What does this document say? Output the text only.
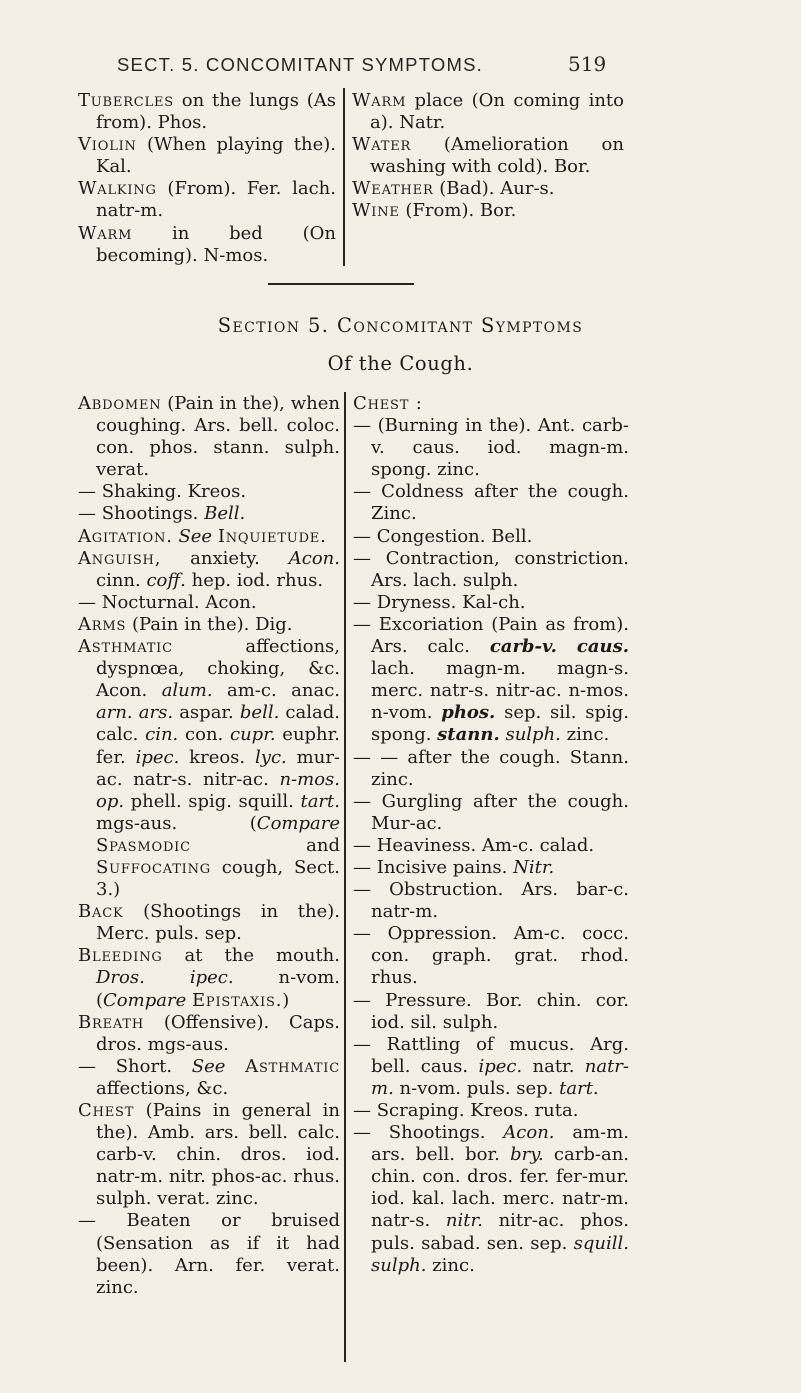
SECT. 5. CONCOMITANT SYMPTOMS.	519

Tubercles on the lungs (As from). Phos.

Violin (When playing the). Kal.

Walking (From). Fer. lach. natr-m.

Warm in bed (On becoming). N-mos.

Warm place (On coming into a). Natr.

Water (Amelioration on washing with cold). Bor.

Weather (Bad). Aur-s.

Wine (From). Bor.

Section 5. Concomitant Symptoms
Of the Cough.

Abdomen (Pain in the), when coughing. Ars. bell. coloc. con. phos. stann. sulph. verat.

— Shaking. Kreos.

— Shootings. Bell.

Agitation. See Inquietude.

Anguish, anxiety. Acon. cinn. coff. hep. iod. rhus.

— Nocturnal. Acon.

Arms (Pain in the). Dig.

Asthmatic affections, dyspnœa, choking, &c. Acon. alum. am-c. anac. arn. ars. aspar. bell. calad. calc. cin. con. cupr. euphr. fer. ipec. kreos. lyc. mur-ac. natr-s. nitr-ac. n-mos. op. phell. spig. squill. tart. mgs-aus. (Compare Spasmodic and Suffocating cough, Sect. 3.)

Back (Shootings in the). Merc. puls. sep.

Bleeding at the mouth. Dros. ipec. n-vom. (Compare Epistaxis.)

Breath (Offensive). Caps. dros. mgs-aus.

— Short. See Asthmatic affections, &c.

Chest (Pains in general in the). Amb. ars. bell. calc. carb-v. chin. dros. iod. natr-m. nitr. phos-ac. rhus. sulph. verat. zinc.

— Beaten or bruised (Sensation as if it had been). Arn. fer. verat. zinc.

Chest :

— (Burning in the). Ant. carb-v. caus. iod. magn-m. spong. zinc.

— Coldness after the cough. Zinc.

— Congestion. Bell.

— Contraction, constriction. Ars. lach. sulph.

— Dryness. Kal-ch.

— Excoriation (Pain as from). Ars. calc. carb-v. caus. lach. magn-m. magn-s. merc. natr-s. nitr-ac. n-mos. n-vom. phos. sep. sil. spig. spong. stann. sulph. zinc.

— — after the cough. Stann. zinc.

— Gurgling after the cough. Mur-ac.

— Heaviness. Am-c. calad.

— Incisive pains. Nitr.

— Obstruction. Ars. bar-c. natr-m.

— Oppression. Am-c. cocc. con. graph. grat. rhod. rhus.

— Pressure. Bor. chin. cor. iod. sil. sulph.

— Rattling of mucus. Arg. bell. caus. ipec. natr. natr-m. n-vom. puls. sep. tart.

— Scraping. Kreos. ruta.

— Shootings. Acon. am-m. ars. bell. bor. bry. carb-an. chin. con. dros. fer. fer-mur. iod. kal. lach. merc. natr-m. natr-s. nitr. nitr-ac. phos. puls. sabad. sen. sep. squill. sulph. zinc.
